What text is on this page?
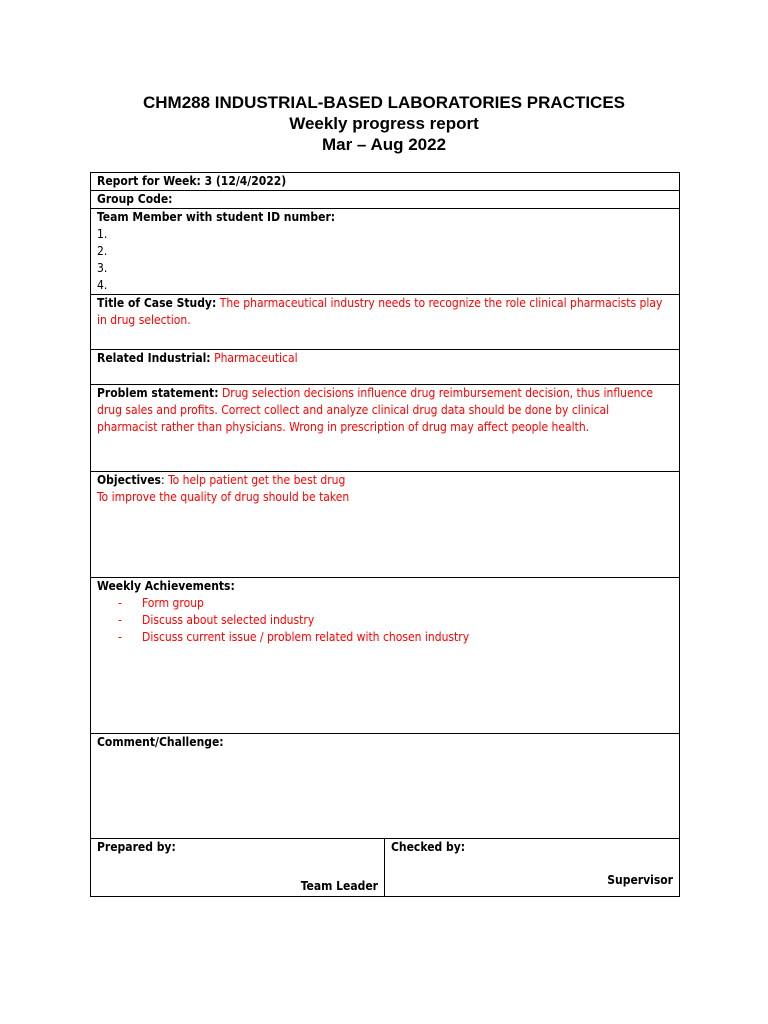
CHM288 INDUSTRIAL-BASED LABORATORIES PRACTICES
Weekly progress report
Mar – Aug 2022
Report for Week: 3 (12/4/2022)
Group Code:

Team Member with student ID number:
1.
2.
3.
4.

Title of Case Study: The pharmaceutical industry needs to recognize the role clinical pharmacists play in drug selection.
Related Industrial: Pharmaceutical
Problem statement: Drug selection decisions influence drug reimbursement decision, thus influence drug sales and profits. Correct collect and analyze clinical drug data should be done by clinical pharmacist rather than physicians. Wrong in prescription of drug may affect people health.

Objectives: To help patient get the best drug
To improve the quality of drug should be taken

Weekly Achievements:
- Form group
- Discuss about selected industry
- Discuss current issue / problem related with chosen industry

Comment/Challenge:

Prepared by:
Team Leader

Checked by:
Supervisor
